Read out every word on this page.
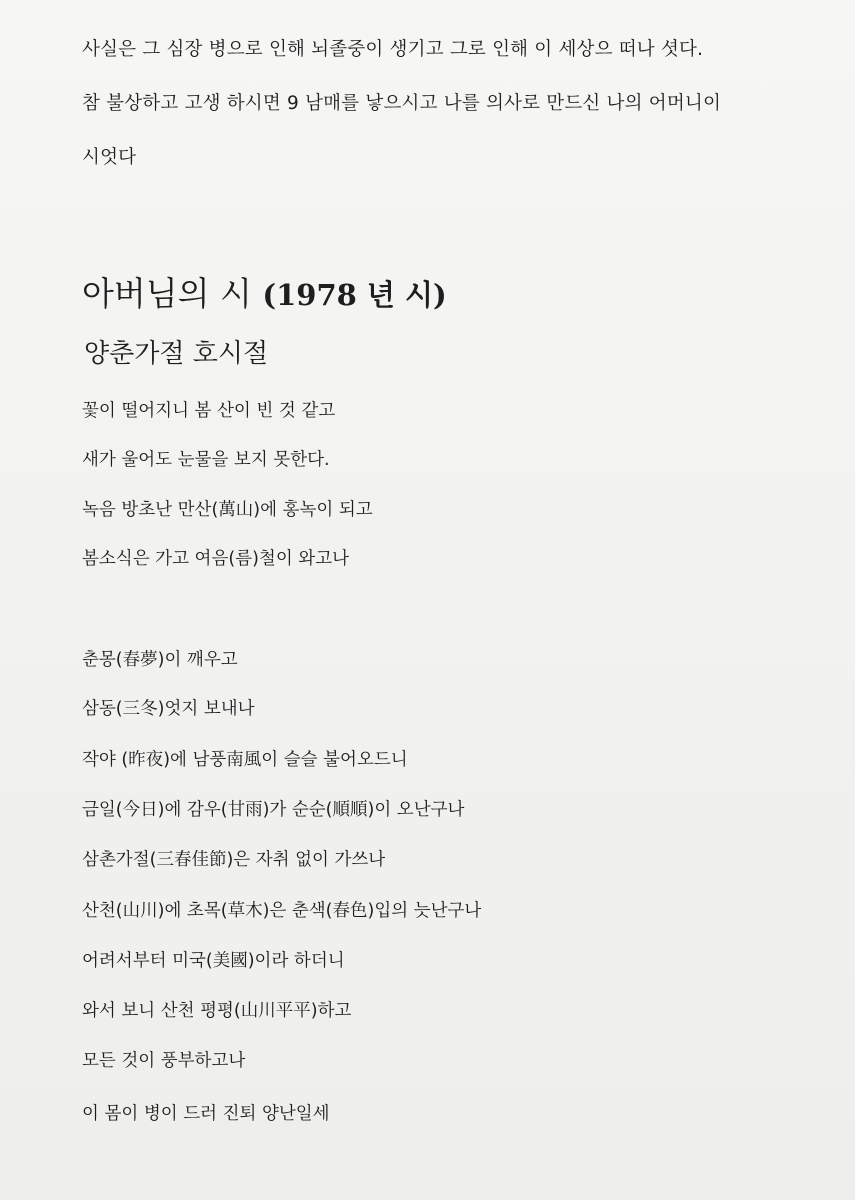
사실은 그 심장 병으로 인해 뇌졸중이 생기고 그로 인해 이 세상으 떠나 셧다.
참 불상하고 고생 하시면 9 남매를 낳으시고 나를 의사로 만드신 나의 어머니이
시엇다
아버님의 시 (1978 년 시)
양춘가절 호시절
꽃이 떨어지니 봄 산이 빈 것 같고
새가 울어도 눈물을 보지 못한다.
녹음 방초난 만산(萬山)에 홍녹이 되고
봄소식은 가고 여음(름)철이 와고나
춘몽(春夢)이 깨우고
삼동(三冬)엇지 보내나
작야 (昨夜)에 남풍南風이 슬슬 불어오드니
금일(今日)에 감우(甘雨)가 순순(順順)이 오난구나
삼촌가절(三春佳節)은 자취 없이 가쓰나
산천(山川)에 초목(草木)은 춘색(春色)입의 늣난구나
어려서부터 미국(美國)이라 하더니
와서 보니 산천 평평(山川平平)하고
모든 것이 풍부하고나
이 몸이 병이 드러 진퇴 양난일세
